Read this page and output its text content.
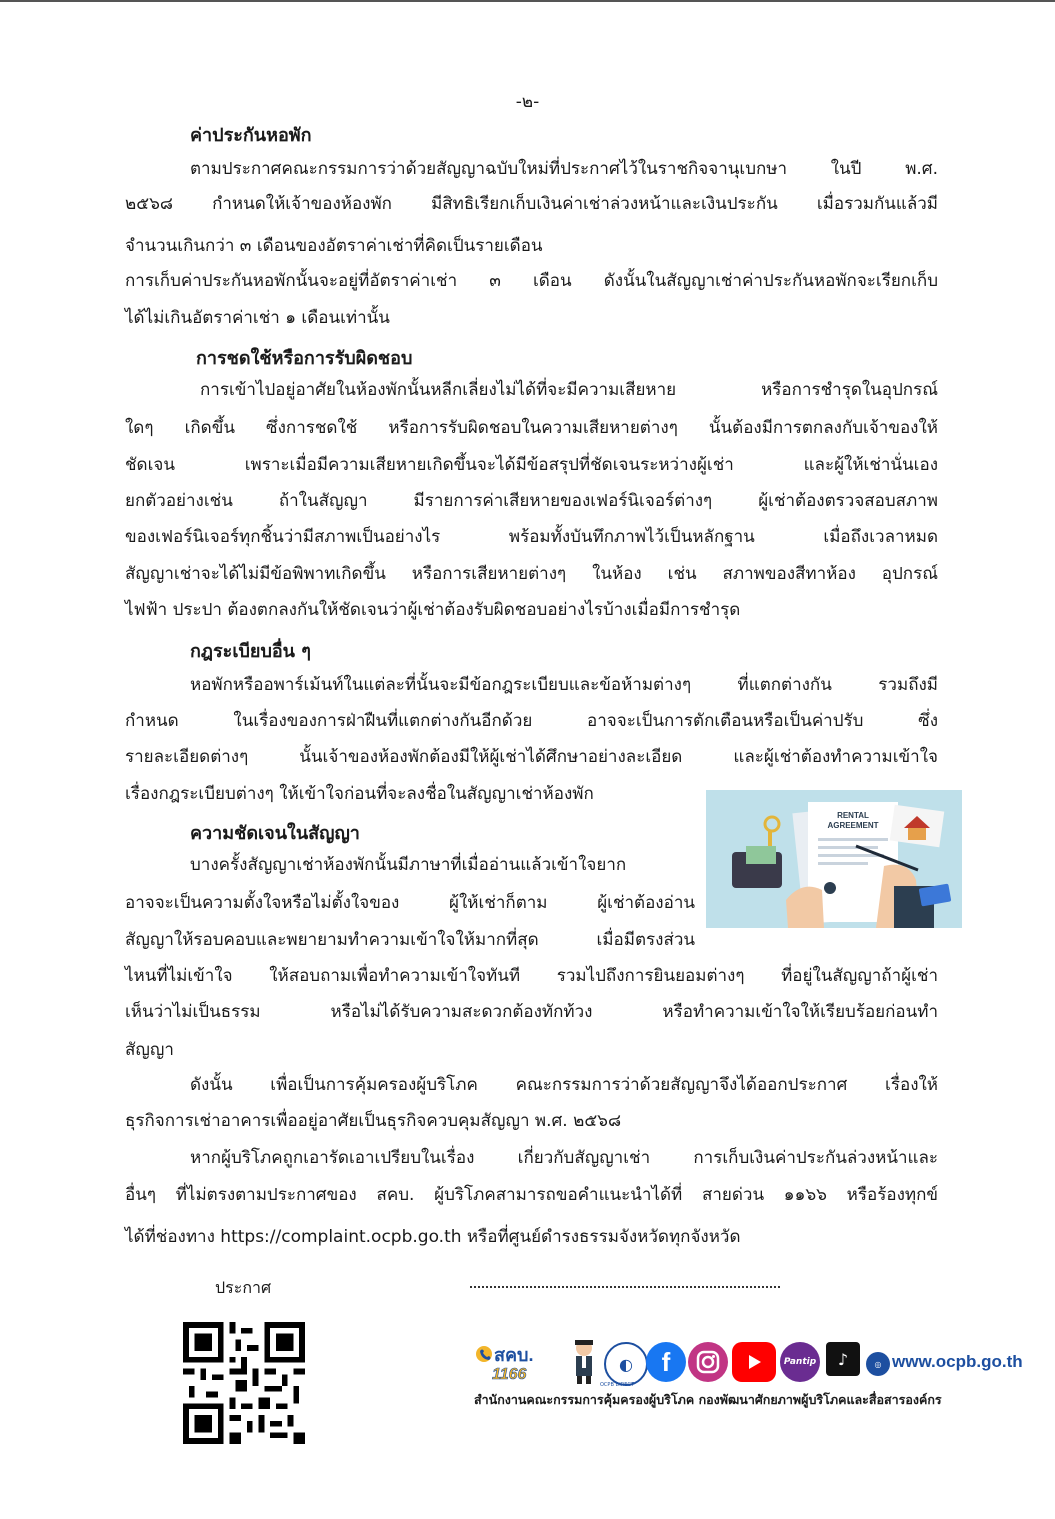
-๒-
ค่าประกันหอพัก
ตามประกาศคณะกรรมการว่าด้วยสัญญาฉบับใหม่ที่ประกาศไว้ในราชกิจจานุเบกษา ในปี พ.ศ.
๒๕๖๘ กำหนดให้เจ้าของห้องพัก มีสิทธิเรียกเก็บเงินค่าเช่าล่วงหน้าและเงินประกัน เมื่อรวมกันแล้วมี
จำนวนเกินกว่า ๓ เดือนของอัตราค่าเช่าที่คิดเป็นรายเดือน
การเก็บค่าประกันหอพักนั้นจะอยู่ที่อัตราค่าเช่า ๓ เดือน ดังนั้นในสัญญาเช่าค่าประกันหอพักจะเรียกเก็บ
ได้ไม่เกินอัตราค่าเช่า ๑ เดือนเท่านั้น
การชดใช้หรือการรับผิดชอบ
การเข้าไปอยู่อาศัยในห้องพักนั้นหลีกเลี่ยงไม่ได้ที่จะมีความเสียหาย หรือการชำรุดในอุปกรณ์
ใดๆ เกิดขึ้น ซึ่งการชดใช้ หรือการรับผิดชอบในความเสียหายต่างๆ นั้นต้องมีการตกลงกับเจ้าของให้
ชัดเจน เพราะเมื่อมีความเสียหายเกิดขึ้นจะได้มีข้อสรุปที่ชัดเจนระหว่างผู้เช่า และผู้ให้เช่านั่นเอง
ยกตัวอย่างเช่น ถ้าในสัญญา มีรายการค่าเสียหายของเฟอร์นิเจอร์ต่างๆ ผู้เช่าต้องตรวจสอบสภาพ
ของเฟอร์นิเจอร์ทุกชิ้นว่ามีสภาพเป็นอย่างไร พร้อมทั้งบันทึกภาพไว้เป็นหลักฐาน เมื่อถึงเวลาหมด
สัญญาเช่าจะได้ไม่มีข้อพิพาทเกิดขึ้น หรือการเสียหายต่างๆ ในห้อง เช่น สภาพของสีทาห้อง อุปกรณ์
ไฟฟ้า ประปา ต้องตกลงกันให้ชัดเจนว่าผู้เช่าต้องรับผิดชอบอย่างไรบ้างเมื่อมีการชำรุด
กฎระเบียบอื่น ๆ
หอพักหรืออพาร์เม้นท์ในแต่ละที่นั้นจะมีข้อกฎระเบียบและข้อห้ามต่างๆ ที่แตกต่างกัน รวมถึงมี
กำหนด ในเรื่องของการฝ่าฝืนที่แตกต่างกันอีกด้วย อาจจะเป็นการตักเตือนหรือเป็นค่าปรับ ซึ่ง
รายละเอียดต่างๆ นั้นเจ้าของห้องพักต้องมีให้ผู้เช่าได้ศึกษาอย่างละเอียด และผู้เช่าต้องทำความเข้าใจ
เรื่องกฎระเบียบต่างๆ ให้เข้าใจก่อนที่จะลงชื่อในสัญญาเช่าห้องพัก
ความชัดเจนในสัญญา
บางครั้งสัญญาเช่าห้องพักนั้นมีภาษาที่เมื่ออ่านแล้วเข้าใจยาก
อาจจะเป็นความตั้งใจหรือไม่ตั้งใจของ ผู้ให้เช่าก็ตาม ผู้เช่าต้องอ่าน
สัญญาให้รอบคอบและพยายามทำความเข้าใจให้มากที่สุด เมื่อมีตรงส่วน
ไหนที่ไม่เข้าใจ ให้สอบถามเพื่อทำความเข้าใจทันที รวมไปถึงการยินยอมต่างๆ ที่อยู่ในสัญญาถ้าผู้เช่า
เห็นว่าไม่เป็นธรรม หรือไม่ได้รับความสะดวกต้องทักท้วง หรือทำความเข้าใจให้เรียบร้อยก่อนทำ
สัญญา
ดังนั้น เพื่อเป็นการคุ้มครองผู้บริโภค คณะกรรมการว่าด้วยสัญญาจึงได้ออกประกาศ เรื่องให้
ธุรกิจการเช่าอาคารเพื่ออยู่อาศัยเป็นธุรกิจควบคุมสัญญา พ.ศ. ๒๕๖๘
หากผู้บริโภคถูกเอารัดเอาเปรียบในเรื่อง เกี่ยวกับสัญญาเช่า การเก็บเงินค่าประกันล่วงหน้าและ
อื่นๆ ที่ไม่ตรงตามประกาศของ สคบ. ผู้บริโภคสามารถขอคำแนะนำได้ที่ สายด่วน ๑๑๖๖ หรือร้องทุกข์
ได้ที่ช่องทาง https://complaint.ocpb.go.th หรือที่ศูนย์ดำรงธรรมจังหวัดทุกจังหวัด
RENTAL
AGREEMENT
ประกาศ
สคบ.
1166
◐
OCPB DIRECT
f	Pantip	♪
TikTok
◎ www.ocpb.go.th
สำนักงานคณะกรรมการคุ้มครองผู้บริโภค กองพัฒนาศักยภาพผู้บริโภคและสื่อสารองค์กร
